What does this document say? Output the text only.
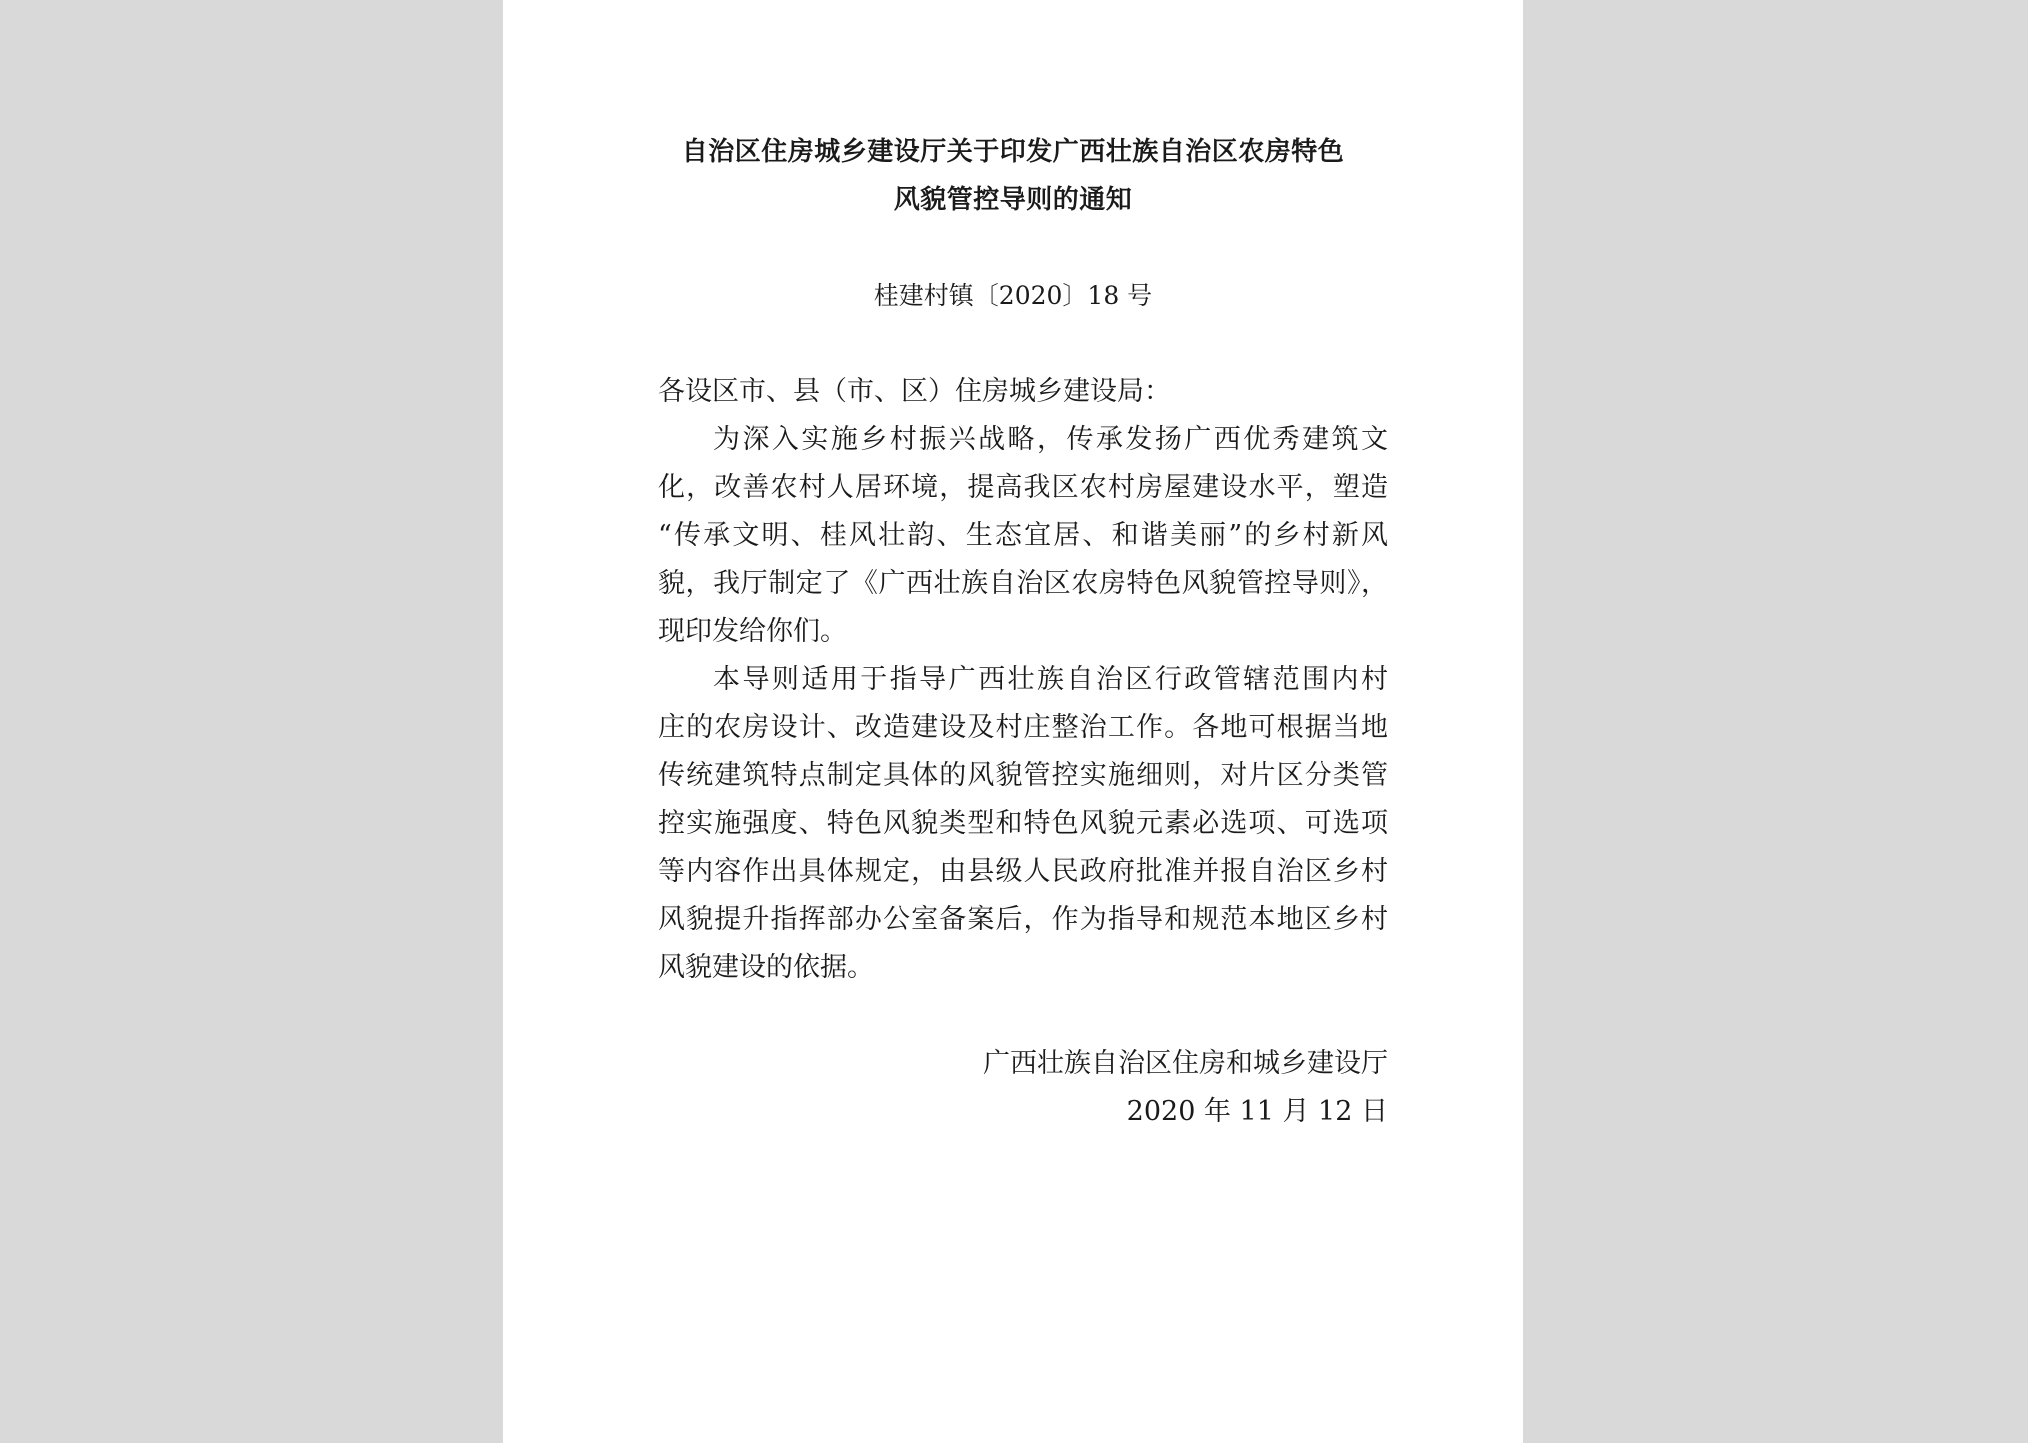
自治区住房城乡建设厅关于印发广西壮族自治区农房特色
风貌管控导则的通知
桂建村镇〔2020〕18 号
各设区市、县（市、区）住房城乡建设局：
为深入实施乡村振兴战略，传承发扬广西优秀建筑文
化，改善农村人居环境，提高我区农村房屋建设水平，塑造
“传承文明、桂风壮韵、生态宜居、和谐美丽”的乡村新风
貌，我厅制定了《广西壮族自治区农房特色风貌管控导则》，
现印发给你们。
本导则适用于指导广西壮族自治区行政管辖范围内村
庄的农房设计、改造建设及村庄整治工作。各地可根据当地
传统建筑特点制定具体的风貌管控实施细则，对片区分类管
控实施强度、特色风貌类型和特色风貌元素必选项、可选项
等内容作出具体规定，由县级人民政府批准并报自治区乡村
风貌提升指挥部办公室备案后，作为指导和规范本地区乡村
风貌建设的依据。
广西壮族自治区住房和城乡建设厅
2020 年 11 月 12 日
